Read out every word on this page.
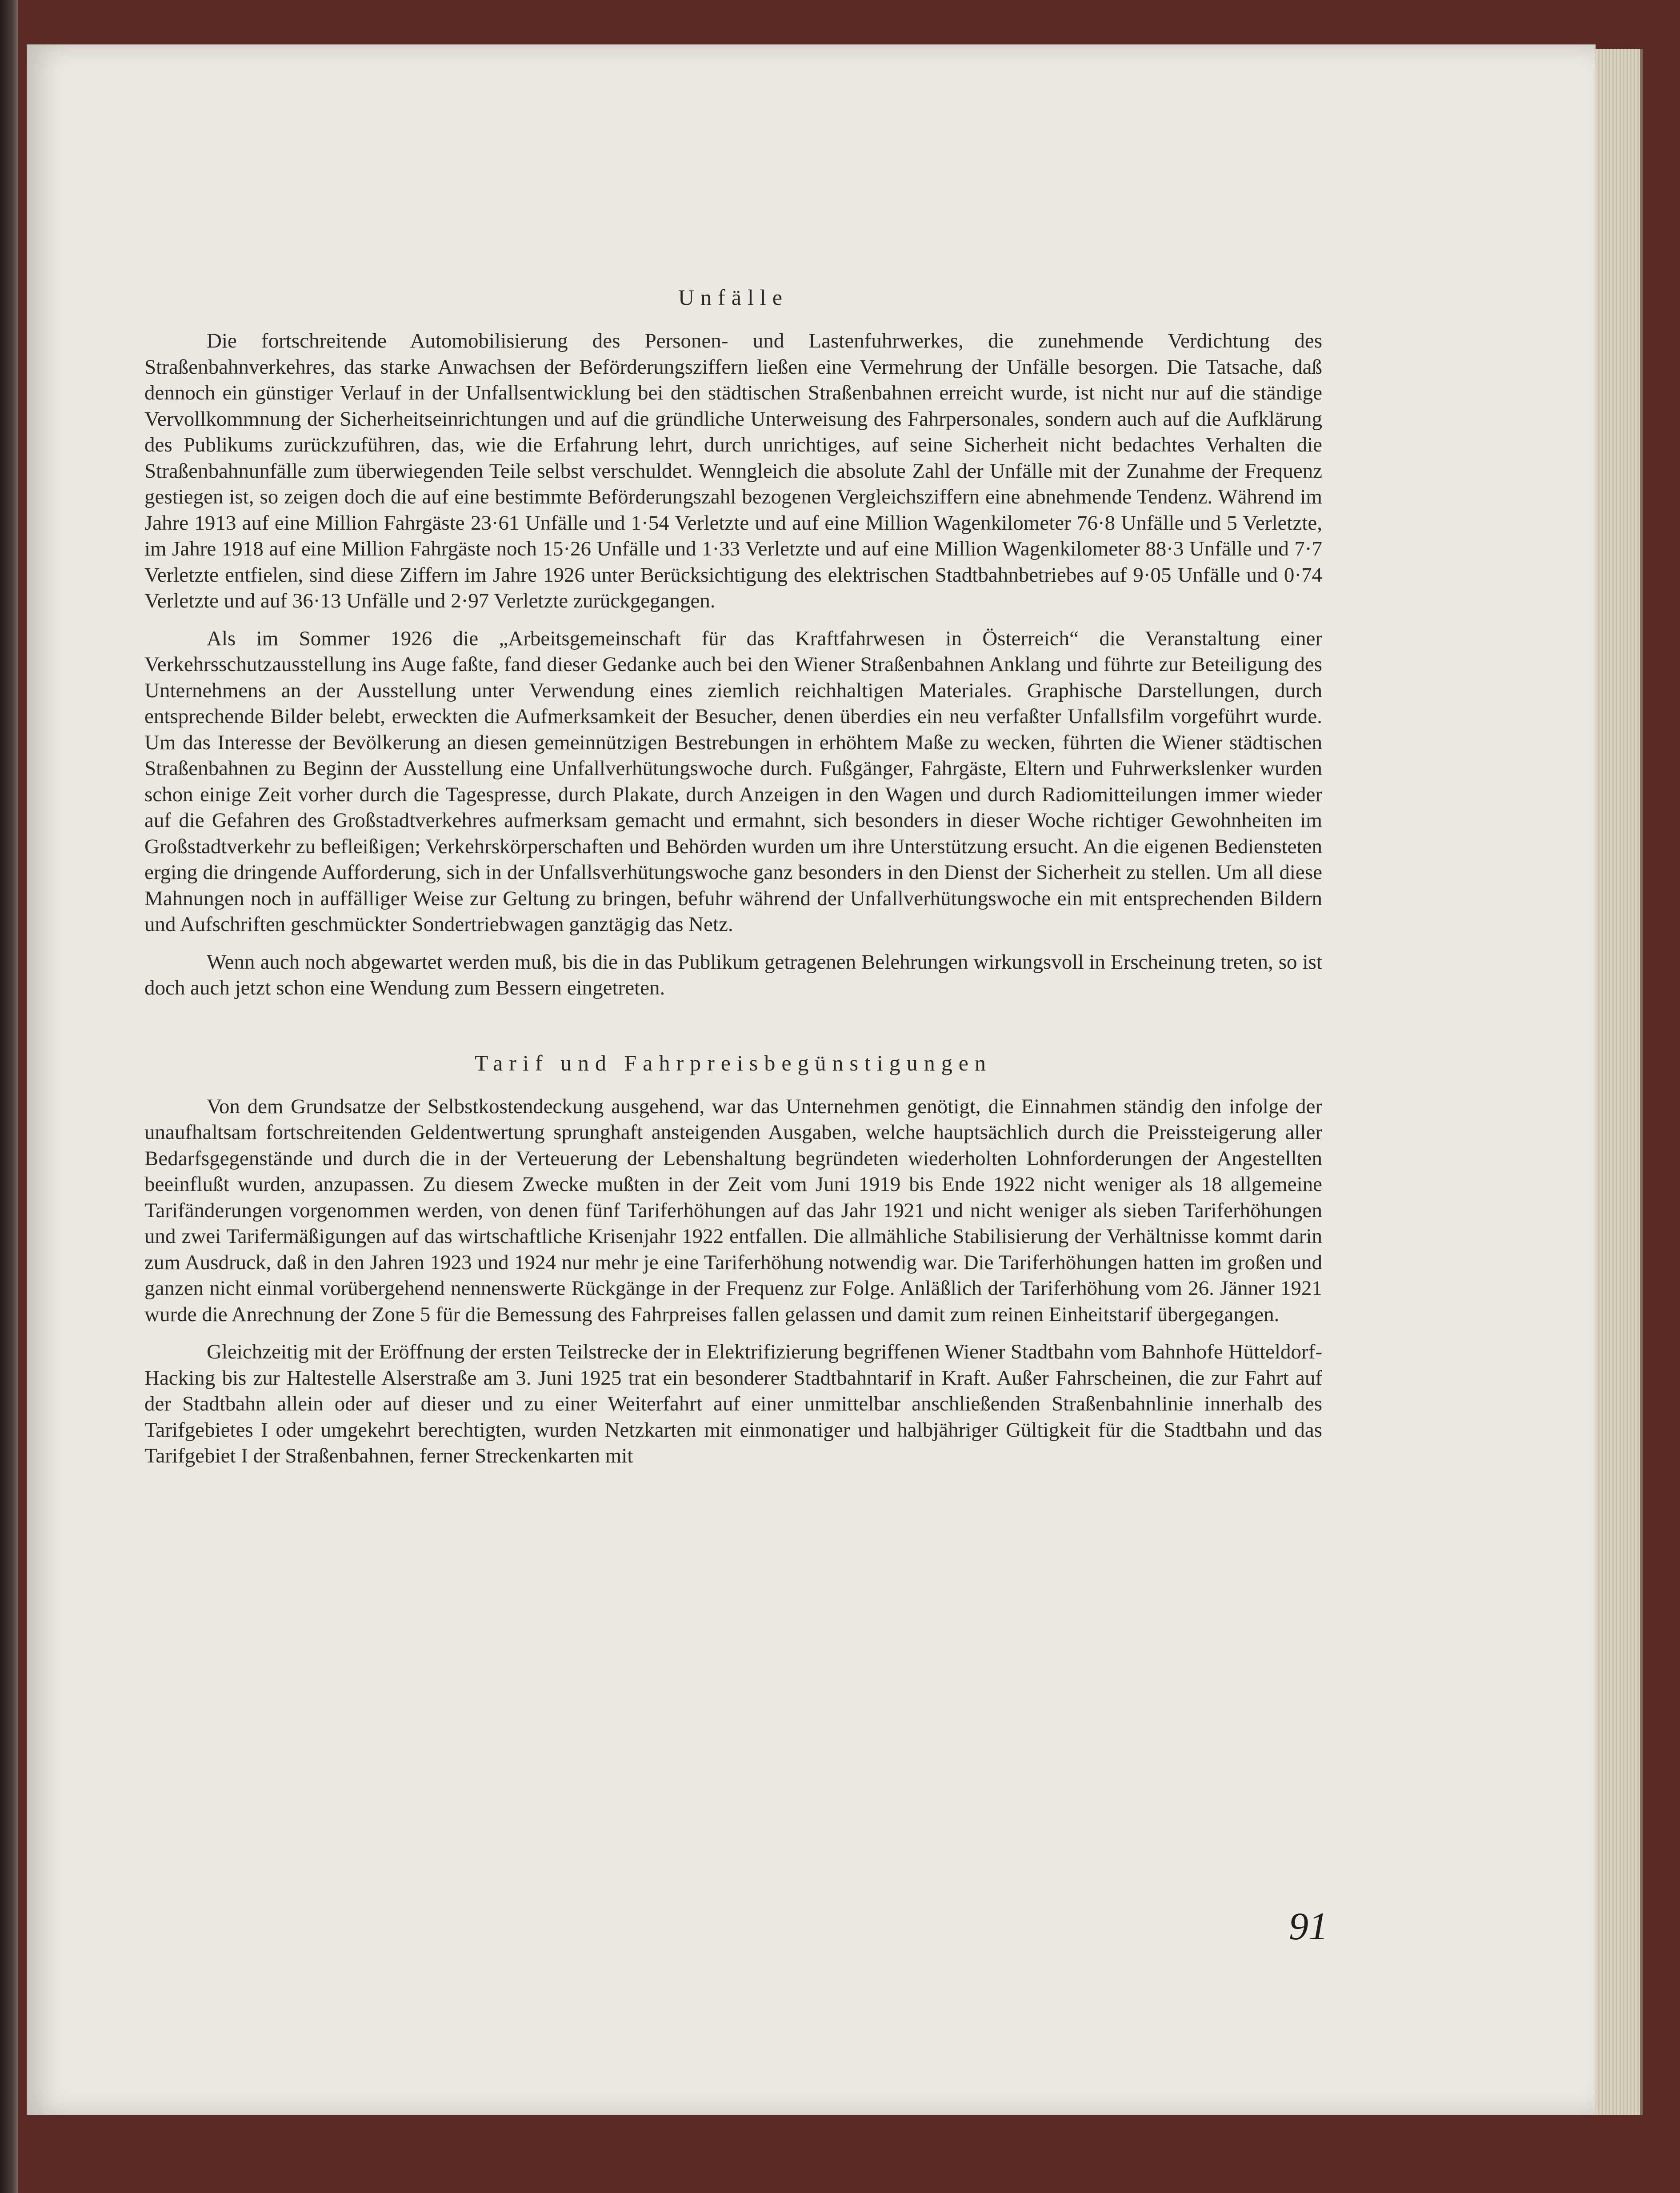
Unfälle

Die fortschreitende Automobilisierung des Personen- und Lastenfuhrwerkes, die zunehmende Verdichtung des Straßenbahnverkehres, das starke Anwachsen der Beförderungsziffern ließen eine Vermehrung der Unfälle besorgen. Die Tatsache, daß dennoch ein günstiger Verlauf in der Unfallsentwicklung bei den städtischen Straßenbahnen erreicht wurde, ist nicht nur auf die ständige Vervollkommnung der Sicherheitseinrichtungen und auf die gründliche Unterweisung des Fahrpersonales, sondern auch auf die Aufklärung des Publikums zurückzuführen, das, wie die Erfahrung lehrt, durch unrichtiges, auf seine Sicherheit nicht bedachtes Verhalten die Straßenbahnunfälle zum überwiegenden Teile selbst verschuldet. Wenngleich die absolute Zahl der Unfälle mit der Zunahme der Frequenz gestiegen ist, so zeigen doch die auf eine bestimmte Beförderungszahl bezogenen Vergleichsziffern eine abnehmende Tendenz. Während im Jahre 1913 auf eine Million Fahrgäste 23·61 Unfälle und 1·54 Verletzte und auf eine Million Wagenkilometer 76·8 Unfälle und 5 Verletzte, im Jahre 1918 auf eine Million Fahrgäste noch 15·26 Unfälle und 1·33 Verletzte und auf eine Million Wagenkilometer 88·3 Unfälle und 7·7 Verletzte entfielen, sind diese Ziffern im Jahre 1926 unter Berücksichtigung des elektrischen Stadtbahnbetriebes auf 9·05 Unfälle und 0·74 Verletzte und auf 36·13 Unfälle und 2·97 Verletzte zurückgegangen.

Als im Sommer 1926 die „Arbeitsgemeinschaft für das Kraftfahrwesen in Österreich“ die Veranstaltung einer Verkehrsschutzausstellung ins Auge faßte, fand dieser Gedanke auch bei den Wiener Straßenbahnen Anklang und führte zur Beteiligung des Unternehmens an der Ausstellung unter Verwendung eines ziemlich reichhaltigen Materiales. Graphische Darstellungen, durch entsprechende Bilder belebt, erweckten die Aufmerksamkeit der Besucher, denen überdies ein neu verfaßter Unfallsfilm vorgeführt wurde. Um das Interesse der Bevölkerung an diesen gemeinnützigen Bestrebungen in erhöhtem Maße zu wecken, führten die Wiener städtischen Straßenbahnen zu Beginn der Ausstellung eine Unfallverhütungswoche durch. Fußgänger, Fahrgäste, Eltern und Fuhrwerkslenker wurden schon einige Zeit vorher durch die Tagespresse, durch Plakate, durch Anzeigen in den Wagen und durch Radiomitteilungen immer wieder auf die Gefahren des Großstadtverkehres aufmerksam gemacht und ermahnt, sich besonders in dieser Woche richtiger Gewohnheiten im Großstadtverkehr zu befleißigen; Verkehrskörperschaften und Behörden wurden um ihre Unterstützung ersucht. An die eigenen Bediensteten erging die dringende Aufforderung, sich in der Unfallsverhütungswoche ganz besonders in den Dienst der Sicherheit zu stellen. Um all diese Mahnungen noch in auffälliger Weise zur Geltung zu bringen, befuhr während der Unfallverhütungswoche ein mit entsprechenden Bildern und Aufschriften geschmückter Sondertriebwagen ganztägig das Netz.

Wenn auch noch abgewartet werden muß, bis die in das Publikum getragenen Belehrungen wirkungsvoll in Erscheinung treten, so ist doch auch jetzt schon eine Wendung zum Bessern eingetreten.

Tarif und Fahrpreisbegünstigungen

Von dem Grundsatze der Selbstkostendeckung ausgehend, war das Unternehmen genötigt, die Einnahmen ständig den infolge der unaufhaltsam fortschreitenden Geldentwertung sprunghaft ansteigenden Ausgaben, welche hauptsächlich durch die Preissteigerung aller Bedarfsgegenstände und durch die in der Verteuerung der Lebenshaltung begründeten wiederholten Lohnforderungen der Angestellten beeinflußt wurden, anzupassen. Zu diesem Zwecke mußten in der Zeit vom Juni 1919 bis Ende 1922 nicht weniger als 18 allgemeine Tarifänderungen vorgenommen werden, von denen fünf Tariferhöhungen auf das Jahr 1921 und nicht weniger als sieben Tariferhöhungen und zwei Tarifermäßigungen auf das wirtschaftliche Krisenjahr 1922 entfallen. Die allmähliche Stabilisierung der Verhältnisse kommt darin zum Ausdruck, daß in den Jahren 1923 und 1924 nur mehr je eine Tariferhöhung notwendig war. Die Tariferhöhungen hatten im großen und ganzen nicht einmal vorübergehend nennenswerte Rückgänge in der Frequenz zur Folge. Anläßlich der Tariferhöhung vom 26. Jänner 1921 wurde die Anrechnung der Zone 5 für die Bemessung des Fahrpreises fallen gelassen und damit zum reinen Einheitstarif übergegangen.

Gleichzeitig mit der Eröffnung der ersten Teilstrecke der in Elektrifizierung begriffenen Wiener Stadtbahn vom Bahnhofe Hütteldorf-Hacking bis zur Haltestelle Alserstraße am 3. Juni 1925 trat ein besonderer Stadtbahntarif in Kraft. Außer Fahrscheinen, die zur Fahrt auf der Stadtbahn allein oder auf dieser und zu einer Weiterfahrt auf einer unmittelbar anschließenden Straßenbahnlinie innerhalb des Tarifgebietes I oder umgekehrt berechtigten, wurden Netzkarten mit einmonatiger und halbjähriger Gültigkeit für die Stadtbahn und das Tarifgebiet I der Straßenbahnen, ferner Streckenkarten mit

91
